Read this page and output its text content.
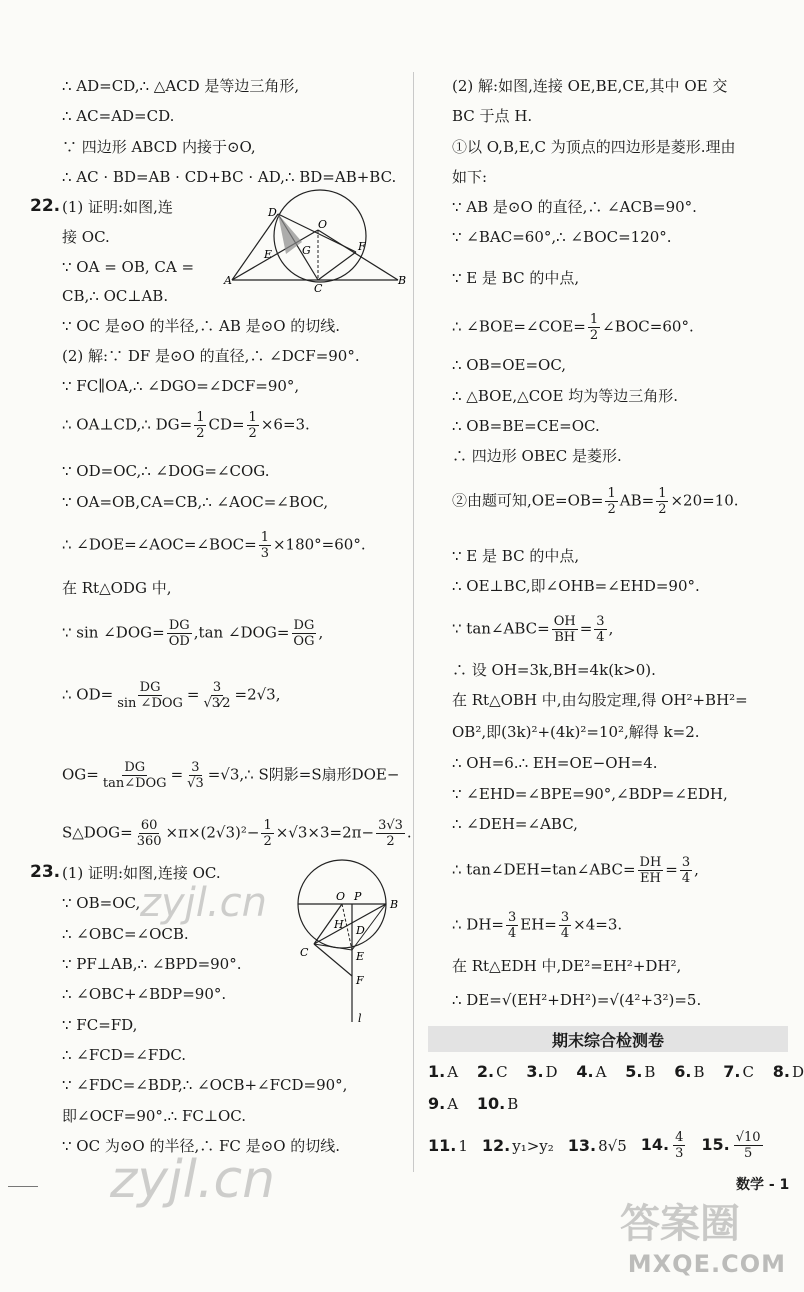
∴ AD=CD,∴ △ACD 是等边三角形,
∴ AC=AD=CD.
∵ 四边形 ABCD 内接于⊙O,
∴ AC · BD=AB · CD+BC · AD,∴ BD=AB+BC.
22. (1) 证明:如图,连
接 OC.
∵ OA = OB, CA =
CB,∴ OC⊥AB.
D
O
E	G	F
A
C
B
∵ OC 是⊙O 的半径,∴ AB 是⊙O 的切线.
(2) 解:∵ DF 是⊙O 的直径,∴ ∠DCF=90°.
∵ FC∥OA,∴ ∠DGO=∠DCF=90°,
∴ OA⊥CD,∴ $DG= \frac{1}{2} CD= \frac{1}{2} \times 6=3$.
∵ OD=OC,∴ ∠DOG=∠COG.
∵ OA=OB,CA=CB,∴ ∠AOC=∠BOC,
∴ ∠DOE=∠AOC=∠BOC= $\frac{1}{3} \times 180^\circ=60^\circ$.
在 Rt△ODG 中,
∵ sin ∠DOG= $\frac{DG}{OD} ,\tan$ ∠DOG= $\frac{DG}{OG}$ ,
∴ $OD= \frac{DG}{\text{sin ∠DOG}} = \frac{3}{√3⁄2} =2√3$,
$OG= \frac{DG}{\text{tan∠DOG}} = \frac{3}{√3}$ =√3,∴ S阴影=S扇形DOE−
S△DOG= $\frac{60}{360} \times\pi\times(2√3)^2- \frac{1}{2} \times√3\times 3=2\pi- \frac{3√3}{2}$ .
23. (1) 证明:如图,连接 OC.
∵ OB=OC,
∴ ∠OBC=∠OCB.
∵ PF⊥AB,∴ ∠BPD=90°.
∴ ∠OBC+∠BDP=90°.
∵ FC=FD,
∴ ∠FCD=∠FDC.
∵ ∠FDC=∠BDP,∴ ∠OCB+∠FCD=90°,
即∠OCF=90°.∴ FC⊥OC.
∵ OC 为⊙O 的半径,∴ FC 是⊙O 的切线.
O P
B
H D
C	E
F
l
(2) 解:如图,连接 OE,BE,CE,其中 OE 交
BC 于点 H.
①以 O,B,E,C 为顶点的四边形是菱形.理由
如下:
∵ AB 是⊙O 的直径,∴ ∠ACB=90°.
∵ ∠BAC=60°,∴ ∠BOC=120°.
∵ E 是 BC 的中点,
∴ ∠BOE=∠COE= $\frac{1}{2}$ ∠BOC=60°.
∴ OB=OE=OC,
∴ △BOE,△COE 均为等边三角形.
∴ OB=BE=CE=OC.
∴ 四边形 OBEC 是菱形.
②由题可知$,OE=OB= \frac{1}{2} AB= \frac{1}{2} \times 20=10$.
∵ E 是 BC 的中点,
∴ OE⊥BC,即∠OHB=∠EHD=90°.
∵ tan∠ABC= $\frac{OH}{BH} = \frac{3}{4}$ ,
∴ 设 OH=3k,BH=4k(k>0).
在 Rt△OBH 中,由勾股定理,得 OH²+BH²=
OB²,即(3k)²+(4k)²=10²,解得 k=2.
∴ OH=6.∴ EH=OE−OH=4.
∵ ∠EHD=∠BPE=90°,∠BDP=∠EDH,
∴ ∠DEH=∠ABC,
∴ tan∠DEH=tan∠ABC= $\frac{DH}{EH} = \frac{3}{4}$ ,
∴ $DH= \frac{3}{4} EH= \frac{3}{4} \times 4=3$.
在 Rt△EDH 中,DE²=EH²+DH²,
∴ DE=√(EH²+DH²)=√(4²+3²)=5.
期末综合检测卷
1. A 2. C 3. D 4. A 5. B 6. B 7. C 8. D
9. A 10. B
11. 1 12. y₁>y₂ 13. 8√5 14. $\frac{4}{3} 15$. $\frac{√10}{5}$
数学 - 1
zyjl.cn
zyjl.cn
答案圈
MXQE.COM
